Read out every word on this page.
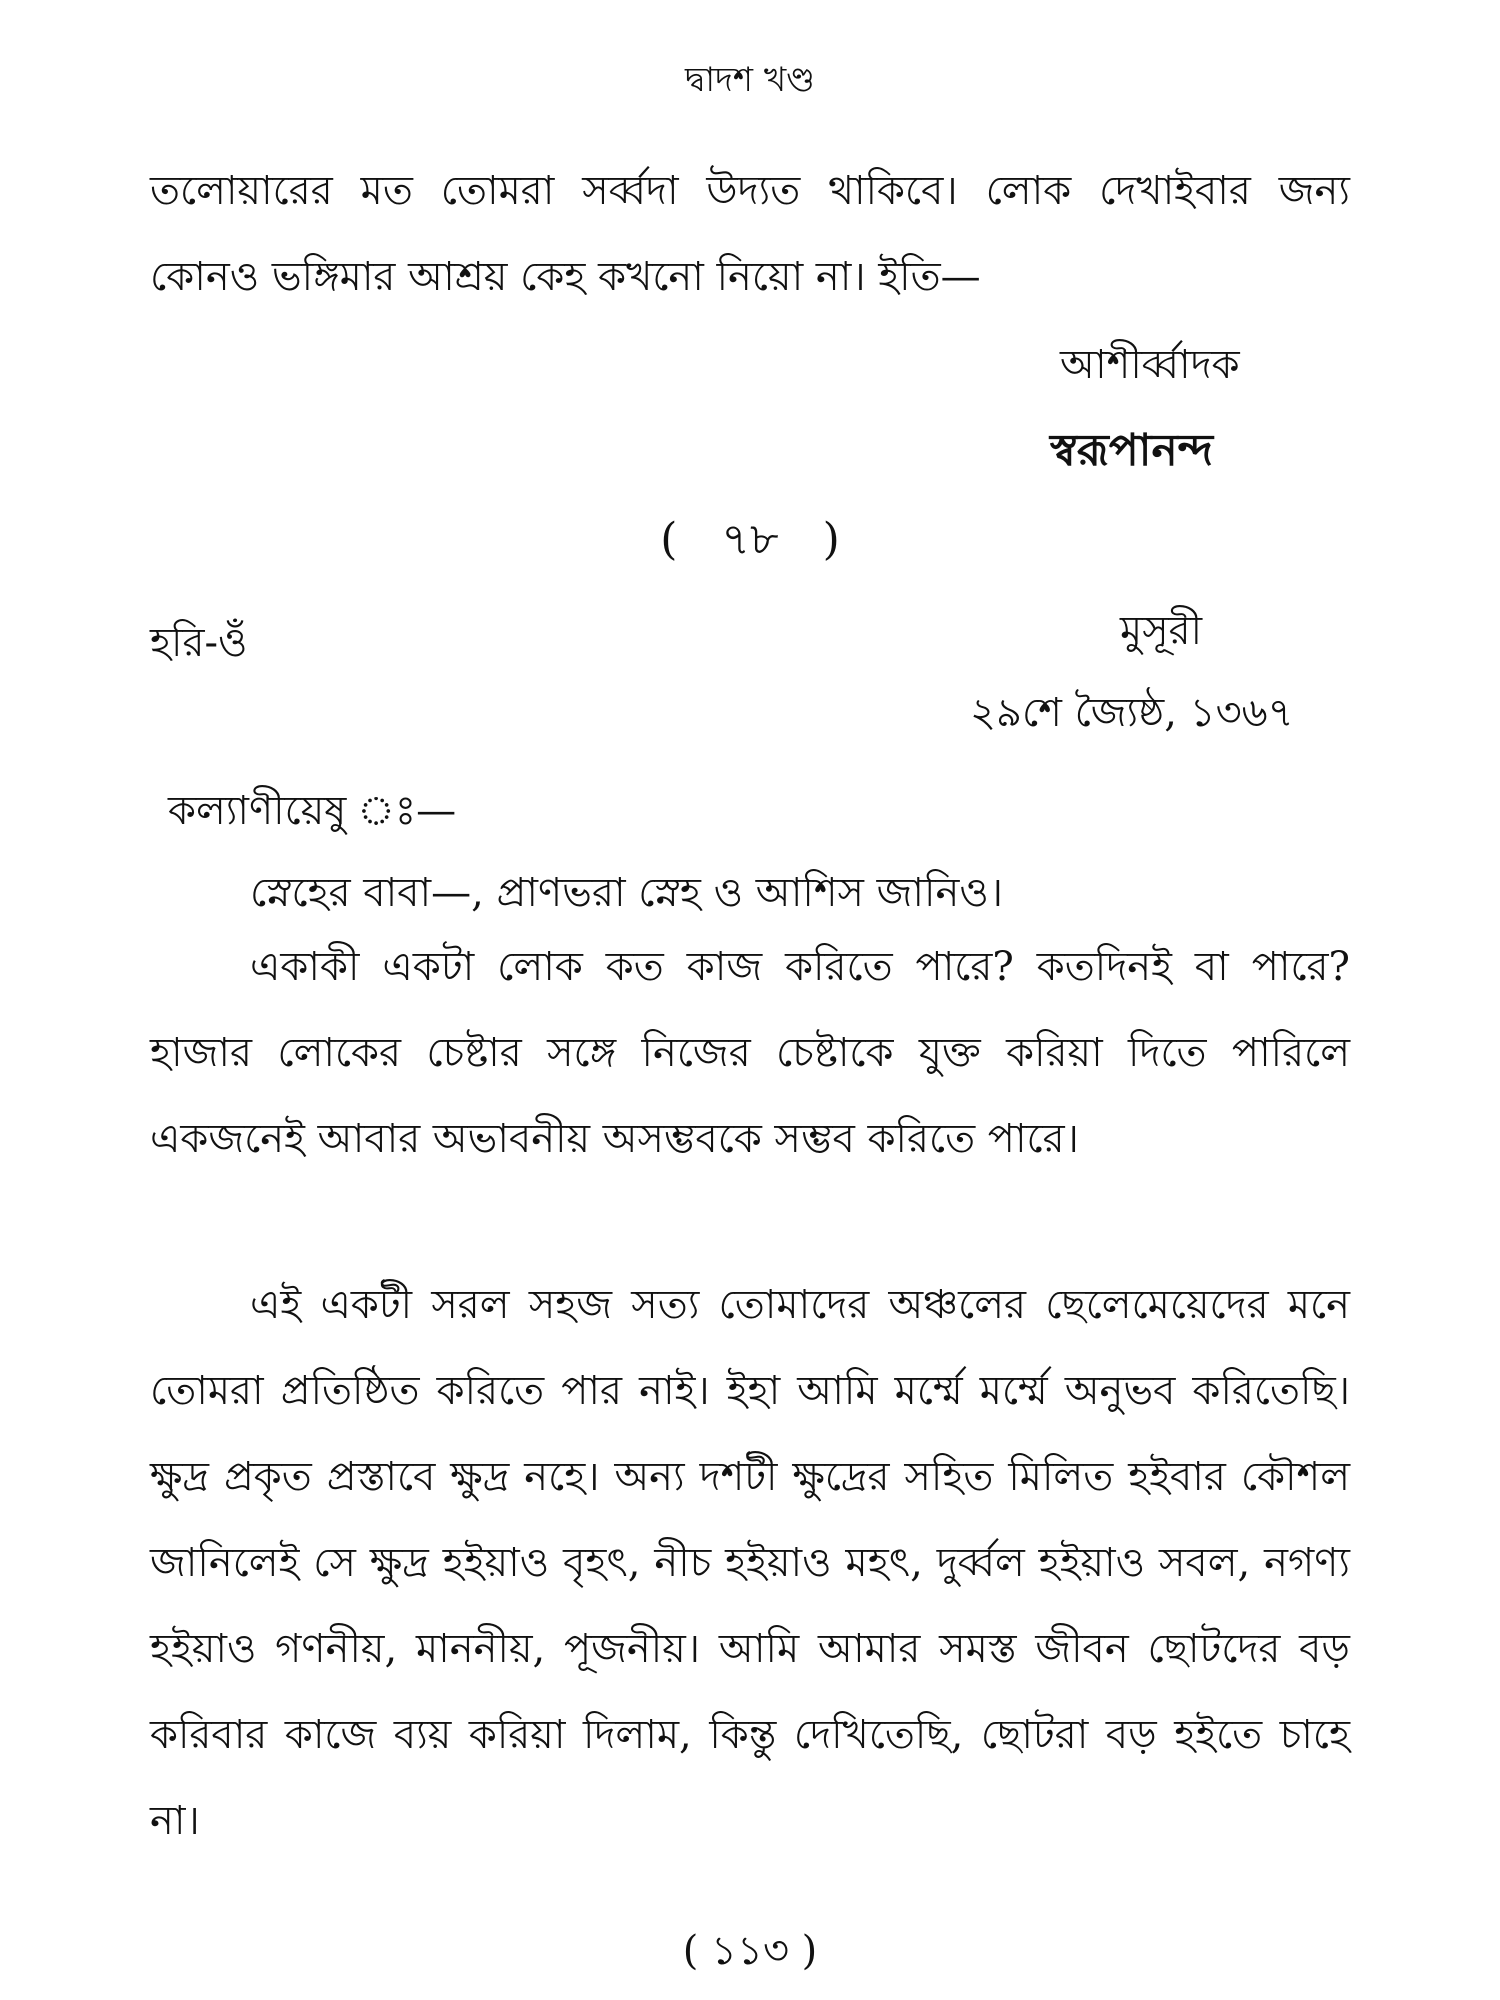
দ্বাদশ খণ্ড

তলোয়ারের মত তোমরা সর্ব্বদা উদ্যত থাকিবে। লোক দেখাইবার জন্য কোনও ভঙ্গিমার আশ্রয় কেহ কখনো নিয়ো না। ইতি—

আশীর্ব্বাদক
স্বরূপানন্দ
( ৭৮ )
হরি-ওঁ	মুসূরী
২৯শে জ্যৈষ্ঠ, ১৩৬৭
কল্যাণীয়েষু ঃ—
স্নেহের বাবা—, প্রাণভরা স্নেহ ও আশিস জানিও।

একাকী একটা লোক কত কাজ করিতে পারে? কতদিনই বা পারে? হাজার লোকের চেষ্টার সঙ্গে নিজের চেষ্টাকে যুক্ত করিয়া দিতে পারিলে একজনেই আবার অভাবনীয় অসম্ভবকে সম্ভব করিতে পারে।

এই একটী সরল সহজ সত্য তোমাদের অঞ্চলের ছেলেমেয়েদের মনে তোমরা প্রতিষ্ঠিত করিতে পার নাই। ইহা আমি মর্ম্মে মর্ম্মে অনুভব করিতেছি। ক্ষুদ্র প্রকৃত প্রস্তাবে ক্ষুদ্র নহে। অন্য দশটী ক্ষুদ্রের সহিত মিলিত হইবার কৌশল জানিলেই সে ক্ষুদ্র হইয়াও বৃহৎ, নীচ হইয়াও মহৎ, দুর্ব্বল হইয়াও সবল, নগণ্য হইয়াও গণনীয়, মাননীয়, পূজনীয়। আমি আমার সমস্ত জীবন ছোটদের বড় করিবার কাজে ব্যয় করিয়া দিলাম, কিন্তু দেখিতেছি, ছোটরা বড় হইতে চাহে না।

( ১১৩ )
